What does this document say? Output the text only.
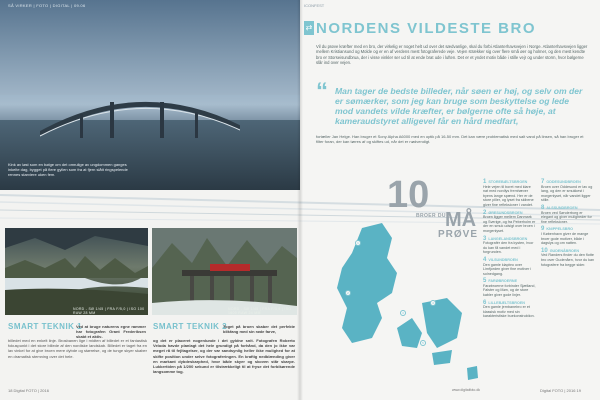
SÅ VIRKER | FOTO | DIGITAL | 09.06
Kink av løst som en bølge om det omrulige av ungdommen ganges inkelte dag, bygget på flere gyllen som fra at fjern slått ringspelende rennes starviere uken fem.
NORD - SØ 1/45 | FRA F/5,0 | ISO 100 RAW 28 MM
NORD - SØ 1/45 | FRA F/3,6 | ISO 1600 RAW 24 MM
SMART TEKNIK 1
Ved at bruge naturens egne rammer har fotografen Grant Frederiksen skabt et aktiv-
billedet med en enkelt linje. Brosbanen lige i midten af billedet er et fantastisk fokuspunkt i det store billede af den nordiske landskab. Billedet er taget fra en lav vinkel for at give broen mere dybde og størrelse, og de tunge skyer skaber en dramatisk stemning over det hele.
SMART TEKNIK 2
Toget på broen skaber det perfekte blikfang med sin røde farve,
og det er placeret nogenlunde i det gyldne snit. Fotografen Roberto Veloda havde planlagt det hele grundigt på forhånd, da den jo ikke var meget rå til fejltagelser, og der var sandsynlig heller ikke mulighed for at skifte position under selve fotograferingen. En kraftig nedblænding giver en markant dybdeskarphed, hvor både skyer og skoven står skarpe. Lukkertiden på 1/200 sekund er tilstrækkeligt til at fryse det forbikørende langsomme tog.
18 Digital FOTO | 2016
ICONFEST
⇄ NORDENS VILDESTE BRO
Vil du prøve kræfter med en bro, der virkelig er noget helt ud over det sædvanlige, skal du forbi Atlanterhavsvejen i Norge. Atlanterhavsvejen ligger mellem Kristiansund og Molde og er en af verdens mest fotograferede veje. Vejen strækker sig over flere små øer og holmer, og den mest kendte bro er Storseisundbrua, der i visse vinkler ser ud til at ende brat ude i luften. Det er et yndet motiv både i stille vejr og under storm, hvor bølgerne slår ind over vejen.
“ Man tager de bedste billeder, når søen er høj, og selv om der er sømærker, som jeg kan bruge som beskyttelse og lede mod vandets vilde kræfter, er bølgerne ofte så høje, at kameraudstyret alligevel får en hård medfart,
fortæller Jan Helge. Han bruger et Sony Alpha A6000 med en optik på 16-50 mm. Det kan være problematisk med salt vand på linsen, så han bruger et filter foran, der kan tørres af og skiftes ud, når det er nødvendigt.
10
BROER DU MÅ
PRØVE
1
2
3
4
5
1 STOREBÆLTSBROEN
Hele vejen til boret med klare nat med nordlys fremhæver byens lange spænd. Her er de store piller, og lyset fra skibene giver fine refleksioner i vandet.
2 ØRESUNDSBROEN
Broen ligger mellem Danmark og Sverige, og fra Peberholm er der en smuk udsigt over broen i morgenlyset.
3 LANGELANDSBROEN
Fotografér den fra kysten, hvor du kan få vandet med i forgrunden.
4 VILSUNDBROEN
Den gamle klapbro over Limfjorden giver fine motiver i solnedgang.
5 FARØBROERNE
Farøbroerne forbinder Sjælland, Falster og Møn, og de store kabler giver gode linjer.
6 LILLEBÆLTSBROEN
Den gamle jernbanebro er et klassisk motiv med sin karakteristiske buekonstruktion.
7 ODDESUNDBROEN
Broen over Oddesund er lav og lang, og den er smukkest i morgenlyset, når vandet ligger stille.
8 ALSSUNDBROEN
Broen ved Sønderborg er elegant og giver muligheder for fine refleksioner.
9 KNIPPELSBRO
I København giver de mange broer gode motiver, både i dagslys og om natten.
10 GUDENÅBROEN
Ved Randers finder du den flotte bro over Gudenåen, hvor du kan fotografere fra begge sider.
www.digitalfoto.dk	Digital FOTO | 2016 19
